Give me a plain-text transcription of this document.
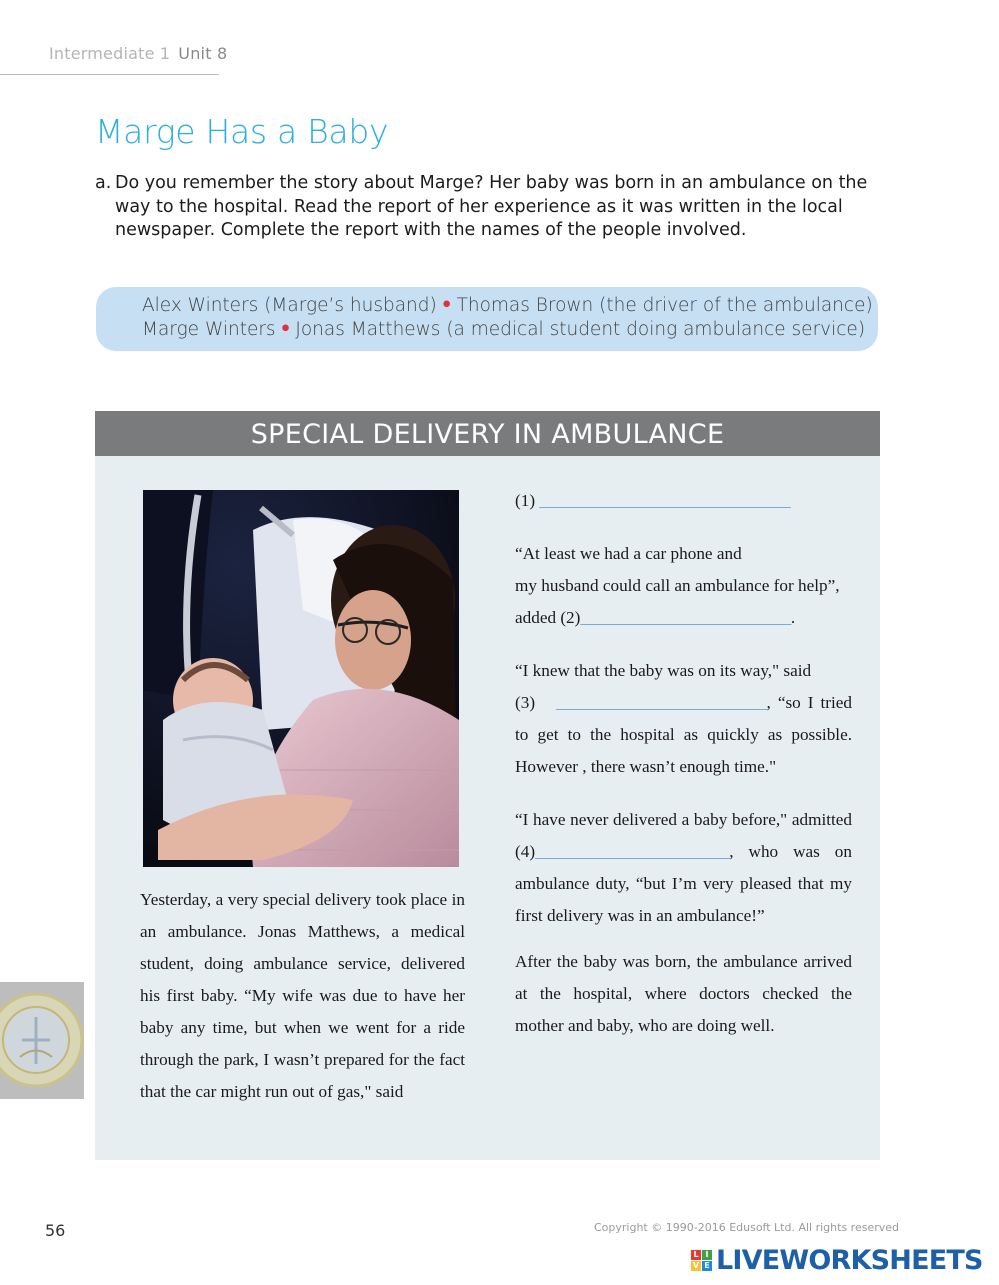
Intermediate 1 Unit 8
Marge Has a Baby
a. Do you remember the story about Marge? Her baby was born in an ambulance on the way to the hospital. Read the report of her experience as it was written in the local newspaper. Complete the report with the names of the people involved.
Alex Winters (Marge’s husband) • Thomas Brown (the driver of the ambulance)
Marge Winters • Jonas Matthews (a medical student doing ambulance service)
SPECIAL DELIVERY IN AMBULANCE

Yesterday, a very special delivery took place in an ambulance. Jonas Matthews, a medical student, doing ambulance service, delivered his first baby. “My wife was due to have her baby any time, but when we went for a ride through the park, I wasn’t prepared for the fact that the car might run out of gas," said

(1) _______________________________

“At least we had a car phone and
my husband could call an ambulance for help”,
added (2)__________________________.

“I knew that the baby was on its way," said
(3) __________________________, “so I tried to get to the hospital as quickly as possible. However , there wasn’t enough time."

“I have never delivered a baby before," admitted (4)________________________, who was on ambulance duty, “but I’m very pleased that my first delivery was in an ambulance!”

After the baby was born, the ambulance arrived at the hospital, where doctors checked the mother and baby, who are doing well.

56	Copyright © 1990-2016 Edusoft Ltd. All rights reserved
L I
V E LIVEWORKSHEETS
